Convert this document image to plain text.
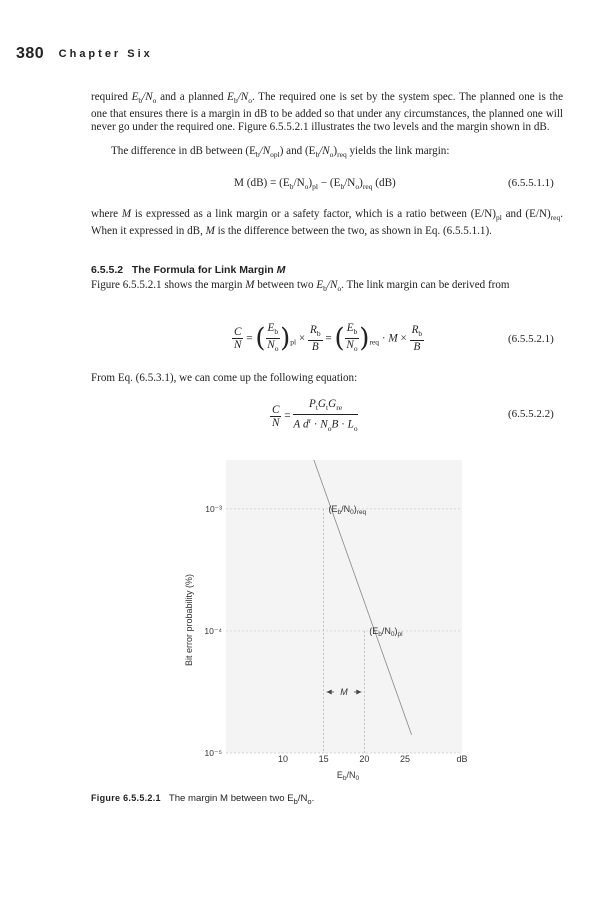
380 Chapter Six
required $E_b/N_o$ and a planned $E_b/N_o$. The required one is set by the system spec. The planned one is the one that ensures there is a margin in dB to be added so that under any circumstances, the planned one will never go under the required one. Figure 6.5.5.2.1 illustrates the two levels and the margin shown in dB.
The difference in dB between $(E_b/N_{opl})$ and $(E_b/N_o)_{req}$ yields the link margin:
M $(dB) = (E_b/N_o)_{pl} - (E_b/N_o)_{req}$ (dB)	(6.5.5.1.1)
where M is expressed as a link margin or a safety factor, which is a ratio between $(E/N)_{pl}$ and $(E/N)_{req}$. When it expressed in dB, M is the difference between the two, as shown in Eq. (6.5.5.1.1).
6.5.5.2 The Formula for Link Margin M
Figure 6.5.5.2.1 shows the margin M between two $E_b/N_o$. The link margin can be derived from
$\frac{C}{N}$ = ( $\frac{E_b}{N_o} )_{pl} \times \frac{R_b}{B}$ = ( $\frac{E_b}{N_o} )_{req} \cdot M \times \frac{R_b}{B}$	(6.5.5.2.1)
From Eq. (6.5.3.1), we can come up the following equation:
$\frac{C}{N} = \frac{P_tG_tG_{re}}{A d^r \cdot N_oB \cdot L_o}$	(6.5.5.2.2)
10⁻³
10⁻⁴
10⁻⁵
10	15	20	25	dB
$E_b/N_0$
Bit error probability (%)
$(E_b/N_0)_{req}$
$(E_b/N_0)_{pl}$
M
Figure 6.5.5.2.1 The margin M between two $E_b/N_o$.
